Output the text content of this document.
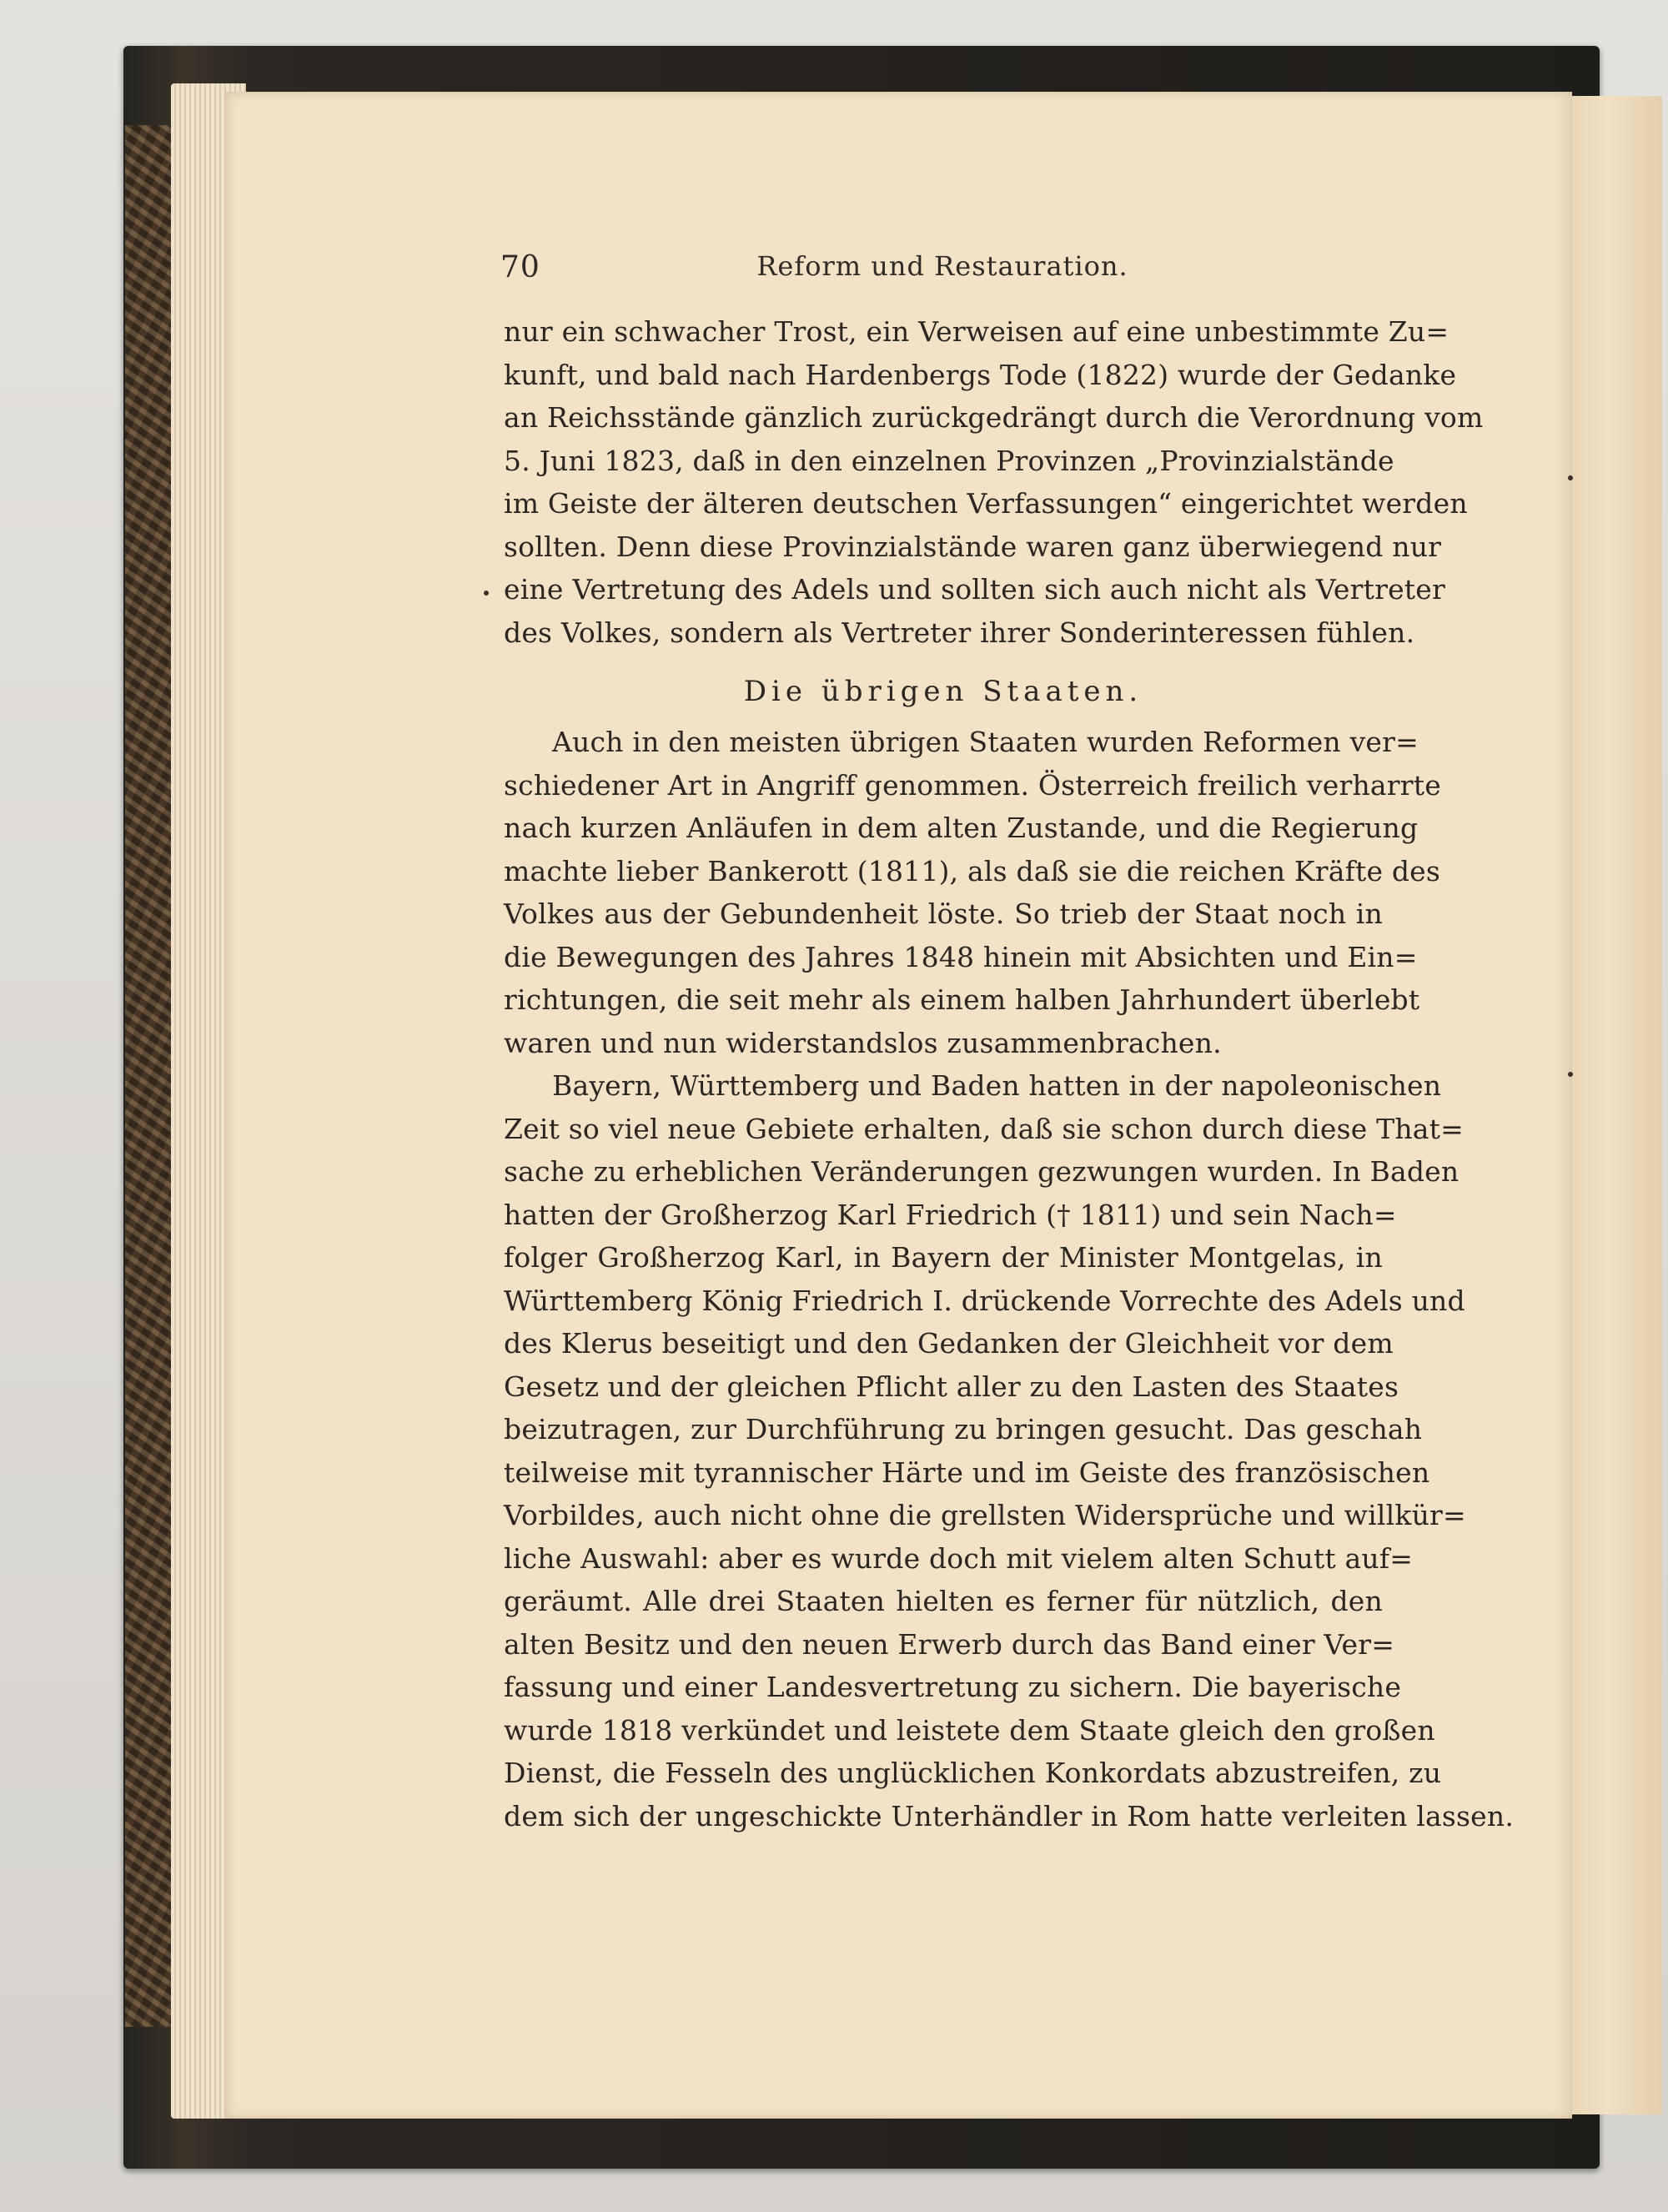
70	Reform und Restauration.
nur ein schwacher Trost, ein Verweisen auf eine unbestimmte Zu=
kunft, und bald nach Hardenbergs Tode (1822) wurde der Gedanke
an Reichsstände gänzlich zurückgedrängt durch die Verordnung vom
5. Juni 1823, daß in den einzelnen Provinzen „Provinzialstände
im Geiste der älteren deutschen Verfassungen“ eingerichtet werden
sollten. Denn diese Provinzialstände waren ganz überwiegend nur
eine Vertretung des Adels und sollten sich auch nicht als Vertreter
des Volkes, sondern als Vertreter ihrer Sonderinteressen fühlen.
Die übrigen Staaten.
Auch in den meisten übrigen Staaten wurden Reformen ver=
schiedener Art in Angriff genommen. Österreich freilich verharrte
nach kurzen Anläufen in dem alten Zustande, und die Regierung
machte lieber Bankerott (1811), als daß sie die reichen Kräfte des
Volkes aus der Gebundenheit löste. So trieb der Staat noch in
die Bewegungen des Jahres 1848 hinein mit Absichten und Ein=
richtungen, die seit mehr als einem halben Jahrhundert überlebt
waren und nun widerstandslos zusammenbrachen.
Bayern, Württemberg und Baden hatten in der napoleonischen
Zeit so viel neue Gebiete erhalten, daß sie schon durch diese That=
sache zu erheblichen Veränderungen gezwungen wurden. In Baden
hatten der Großherzog Karl Friedrich († 1811) und sein Nach=
folger Großherzog Karl, in Bayern der Minister Montgelas, in
Württemberg König Friedrich I. drückende Vorrechte des Adels und
des Klerus beseitigt und den Gedanken der Gleichheit vor dem
Gesetz und der gleichen Pflicht aller zu den Lasten des Staates
beizutragen, zur Durchführung zu bringen gesucht. Das geschah
teilweise mit tyrannischer Härte und im Geiste des französischen
Vorbildes, auch nicht ohne die grellsten Widersprüche und willkür=
liche Auswahl: aber es wurde doch mit vielem alten Schutt auf=
geräumt. Alle drei Staaten hielten es ferner für nützlich, den
alten Besitz und den neuen Erwerb durch das Band einer Ver=
fassung und einer Landesvertretung zu sichern. Die bayerische
wurde 1818 verkündet und leistete dem Staate gleich den großen
Dienst, die Fesseln des unglücklichen Konkordats abzustreifen, zu
dem sich der ungeschickte Unterhändler in Rom hatte verleiten lassen.
